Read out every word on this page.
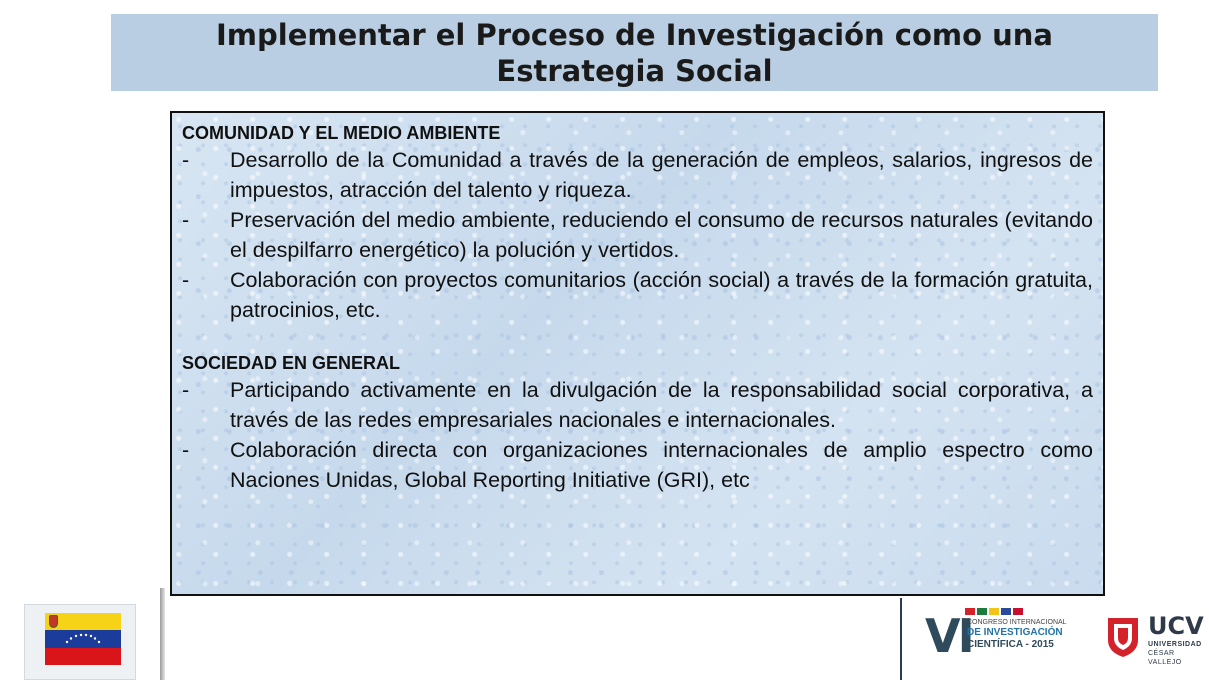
Implementar el Proceso de Investigación como una Estrategia Social
COMUNIDAD Y EL MEDIO AMBIENTE
-	Desarrollo de la Comunidad a través de la generación de empleos, salarios, ingresos de impuestos, atracción del talento y riqueza.
-	Preservación del medio ambiente, reduciendo el consumo de recursos naturales (evitando el despilfarro energético) la polución y vertidos.
-	Colaboración con proyectos comunitarios (acción social) a través de la formación gratuita, patrocinios, etc.
SOCIEDAD EN GENERAL
-	Participando activamente en la divulgación de la responsabilidad social corporativa, a través de las redes empresariales nacionales e internacionales.
-	Colaboración directa con organizaciones internacionales de amplio espectro como Naciones Unidas, Global Reporting Initiative (GRI), etc
VI
CONGRESO INTERNACIONAL
DE INVESTIGACIÓN
CIENTÍFICA - 2015
UCV
UNIVERSIDAD
CÉSAR VALLEJO
